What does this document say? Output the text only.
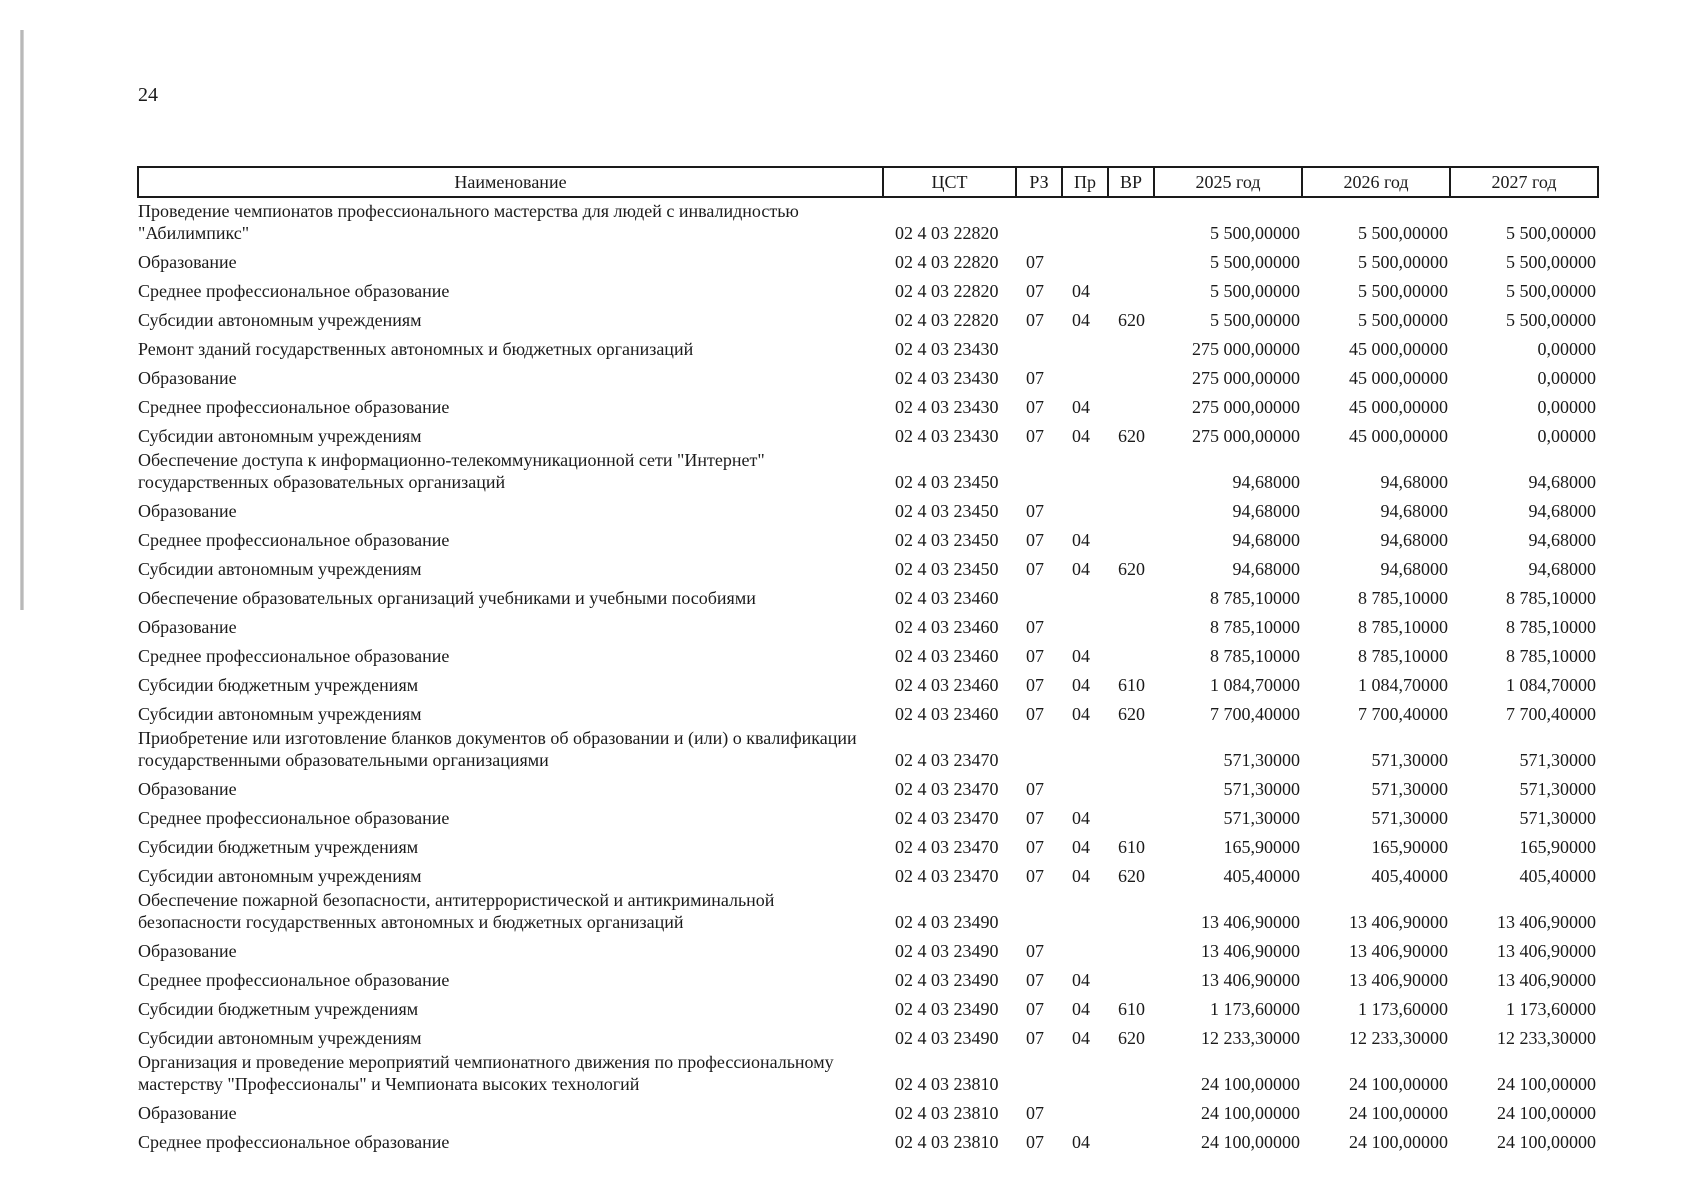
24
Наименование	ЦСТ	РЗ	Пр	ВР	2025 год	2026 год	2027 год
Проведение чемпионатов профессионального мастерства для людей с инвалидностью "Абилимпикс"	02 4 03 22820				5 500,00000	5 500,00000	5 500,00000
Образование	02 4 03 22820	07			5 500,00000	5 500,00000	5 500,00000
Среднее профессиональное образование	02 4 03 22820	07	04		5 500,00000	5 500,00000	5 500,00000
Субсидии автономным учреждениям	02 4 03 22820	07	04	620	5 500,00000	5 500,00000	5 500,00000
Ремонт зданий государственных автономных и бюджетных организаций	02 4 03 23430				275 000,00000	45 000,00000	0,00000
Образование	02 4 03 23430	07			275 000,00000	45 000,00000	0,00000
Среднее профессиональное образование	02 4 03 23430	07	04		275 000,00000	45 000,00000	0,00000
Субсидии автономным учреждениям	02 4 03 23430	07	04	620	275 000,00000	45 000,00000	0,00000
Обеспечение доступа к информационно-телекоммуникационной сети "Интернет" государственных образовательных организаций	02 4 03 23450				94,68000	94,68000	94,68000
Образование	02 4 03 23450	07			94,68000	94,68000	94,68000
Среднее профессиональное образование	02 4 03 23450	07	04		94,68000	94,68000	94,68000
Субсидии автономным учреждениям	02 4 03 23450	07	04	620	94,68000	94,68000	94,68000
Обеспечение образовательных организаций учебниками и учебными пособиями	02 4 03 23460				8 785,10000	8 785,10000	8 785,10000
Образование	02 4 03 23460	07			8 785,10000	8 785,10000	8 785,10000
Среднее профессиональное образование	02 4 03 23460	07	04		8 785,10000	8 785,10000	8 785,10000
Субсидии бюджетным учреждениям	02 4 03 23460	07	04	610	1 084,70000	1 084,70000	1 084,70000
Субсидии автономным учреждениям	02 4 03 23460	07	04	620	7 700,40000	7 700,40000	7 700,40000
Приобретение или изготовление бланков документов об образовании и (или) о квалификации государственными образовательными организациями	02 4 03 23470				571,30000	571,30000	571,30000
Образование	02 4 03 23470	07			571,30000	571,30000	571,30000
Среднее профессиональное образование	02 4 03 23470	07	04		571,30000	571,30000	571,30000
Субсидии бюджетным учреждениям	02 4 03 23470	07	04	610	165,90000	165,90000	165,90000
Субсидии автономным учреждениям	02 4 03 23470	07	04	620	405,40000	405,40000	405,40000
Обеспечение пожарной безопасности, антитеррористической и антикриминальной безопасности государственных автономных и бюджетных организаций	02 4 03 23490				13 406,90000	13 406,90000	13 406,90000
Образование	02 4 03 23490	07			13 406,90000	13 406,90000	13 406,90000
Среднее профессиональное образование	02 4 03 23490	07	04		13 406,90000	13 406,90000	13 406,90000
Субсидии бюджетным учреждениям	02 4 03 23490	07	04	610	1 173,60000	1 173,60000	1 173,60000
Субсидии автономным учреждениям	02 4 03 23490	07	04	620	12 233,30000	12 233,30000	12 233,30000
Организация и проведение мероприятий чемпионатного движения по профессиональному мастерству "Профессионалы" и Чемпионата высоких технологий	02 4 03 23810				24 100,00000	24 100,00000	24 100,00000
Образование	02 4 03 23810	07			24 100,00000	24 100,00000	24 100,00000
Среднее профессиональное образование	02 4 03 23810	07	04		24 100,00000	24 100,00000	24 100,00000
